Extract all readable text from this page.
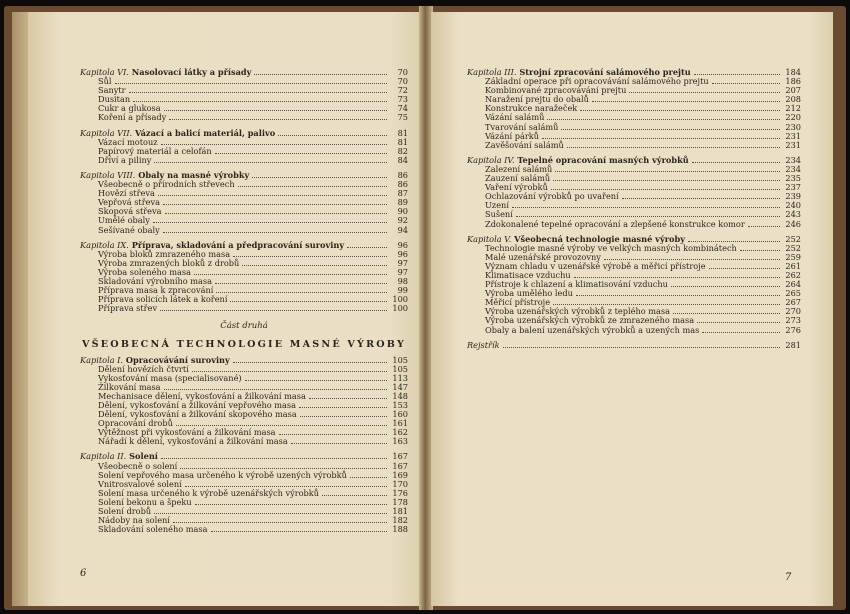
Kapitola VI. Nasolovací látky a přísady	70
Sůl	70
Sanytr	72
Dusitan	73
Cukr a glukosa	74
Koření a přísady	75
Kapitola VII. Vázací a balicí materiál, palivo	81
Vázací motouz	81
Papírový materiál a celofán	82
Dříví a piliny	84
Kapitola VIII. Obaly na masné výrobky	86
Všeobecně o přírodních střevech	86
Hovězí střeva	87
Vepřová střeva	89
Skopová střeva	90
Umělé obaly	92
Sešívané obaly	94
Kapitola IX. Příprava, skladování a předpracování suroviny	96
Výroba bloků zmrazeného masa	96
Výroba zmrazených bloků z drobů	97
Výroba soleného masa	97
Skladování výrobního masa	98
Příprava masa k zpracování	99
Příprava solicích látek a koření	100
Příprava střev	100
Část druhá
VŠEOBECNÁ TECHNOLOGIE MASNÉ VÝROBY
Kapitola I. Opracovávání suroviny	105
Dělení hovězích čtvrtí	105
Vykosťování masa (specialisované)	113
Žilkování masa	147
Mechanisace dělení, vykosťování a žilkování masa	148
Dělení, vykosťování a žilkování vepřového masa	153
Dělení, vykosťování a žilkování skopového masa	160
Opracování drobů	161
Výtěžnost při vykosťování a žilkování masa	162
Nářadí k dělení, vykosťování a žilkování masa	163
Kapitola II. Solení	167
Všeobecně o solení	167
Solení vepřového masa určeného k výrobě uzených výrobků	169
Vnitrosvalové solení	170
Solení masa určeného k výrobě uzenářských výrobků	176
Solení bekonu a špeku	178
Solení drobů	181
Nádoby na solení	182
Skladování soleného masa	188
6
Kapitola III. Strojní zpracování salámového prejtu	184
Základní operace při opracovávání salámového prejtu	186
Kombinované zpracovávání prejtu	207
Naražení prejtu do obalů	208
Konstrukce naražeček	212
Vázání salámů	220
Tvarování salámů	230
Vázání párků	231
Zavěšování salámů	231
Kapitola IV. Tepelné opracování masných výrobků	234
Zalezení salámů	234
Zauzení salámů	235
Vaření výrobků	237
Ochlazování výrobků po uvaření	239
Uzení	240
Sušení	243
Zdokonalené tepelné opracování a zlepšené konstrukce komor	246
Kapitola V. Všeobecná technologie masné výroby	252
Technologie masné výroby ve velkých masných kombinátech	252
Malé uzenářské provozovny	259
Význam chladu v uzenářské výrobě a měřicí přístroje	261
Klimatisace vzduchu	262
Přístroje k chlazení a klimatisování vzduchu	264
Výroba umělého ledu	265
Měřicí přístroje	267
Výroba uzenářských výrobků z teplého masa	270
Výroba uzenářských výrobků ze zmrazeného masa	273
Obaly a balení uzenářských výrobků a uzených mas	276
Rejstřík	281
7
